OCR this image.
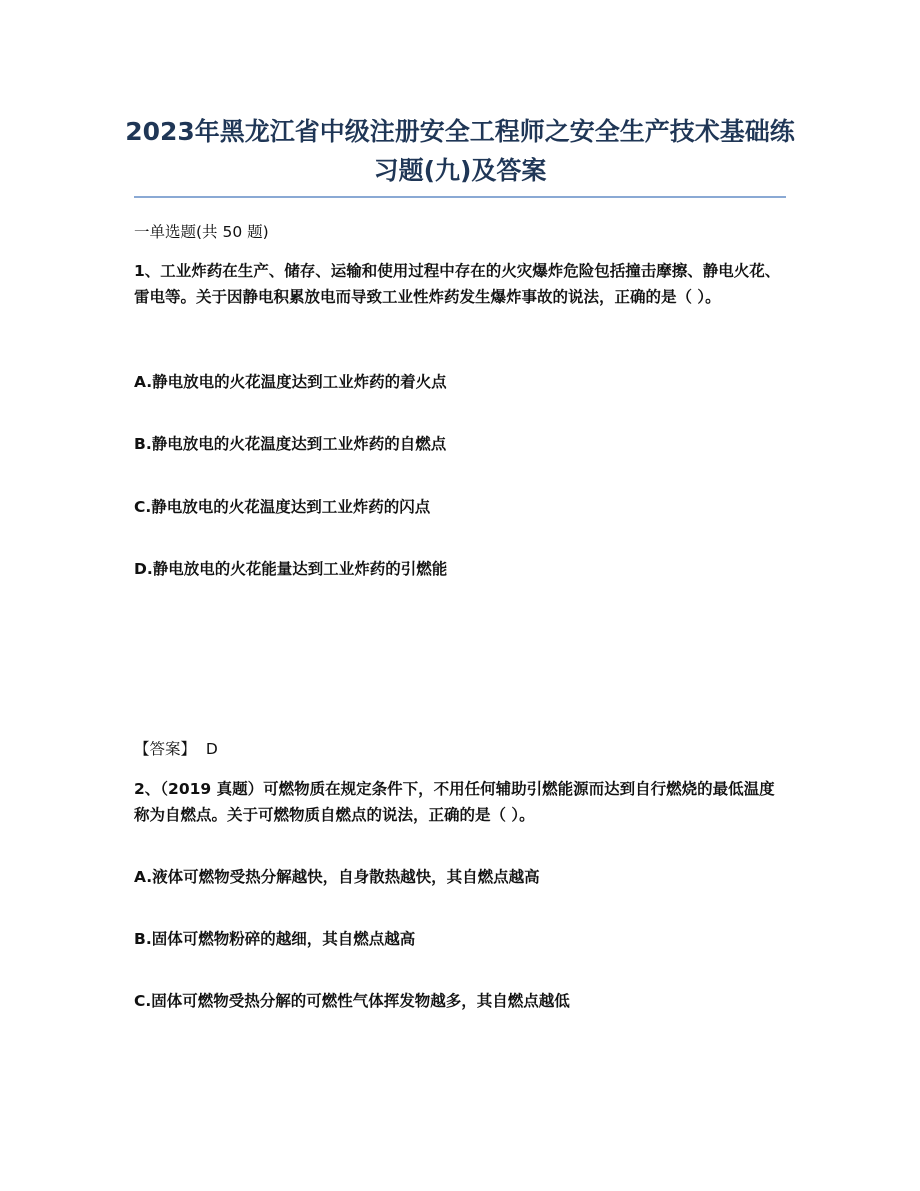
2023年黑龙江省中级注册安全工程师之安全生产技术基础练习题(九)及答案
一单选题(共 50 题)
1、工业炸药在生产、储存、运输和使用过程中存在的火灾爆炸危险包括撞击摩擦、静电火花、雷电等。关于因静电积累放电而导致工业性炸药发生爆炸事故的说法，正确的是（ ）。
A.静电放电的火花温度达到工业炸药的着火点
B.静电放电的火花温度达到工业炸药的自燃点
C.静电放电的火花温度达到工业炸药的闪点
D.静电放电的火花能量达到工业炸药的引燃能
【答案】  D
2、（2019 真题）可燃物质在规定条件下，不用任何辅助引燃能源而达到自行燃烧的最低温度称为自燃点。关于可燃物质自燃点的说法，正确的是（ ）。
A.液体可燃物受热分解越快，自身散热越快，其自燃点越高
B.固体可燃物粉碎的越细，其自燃点越高
C.固体可燃物受热分解的可燃性气体挥发物越多，其自燃点越低
